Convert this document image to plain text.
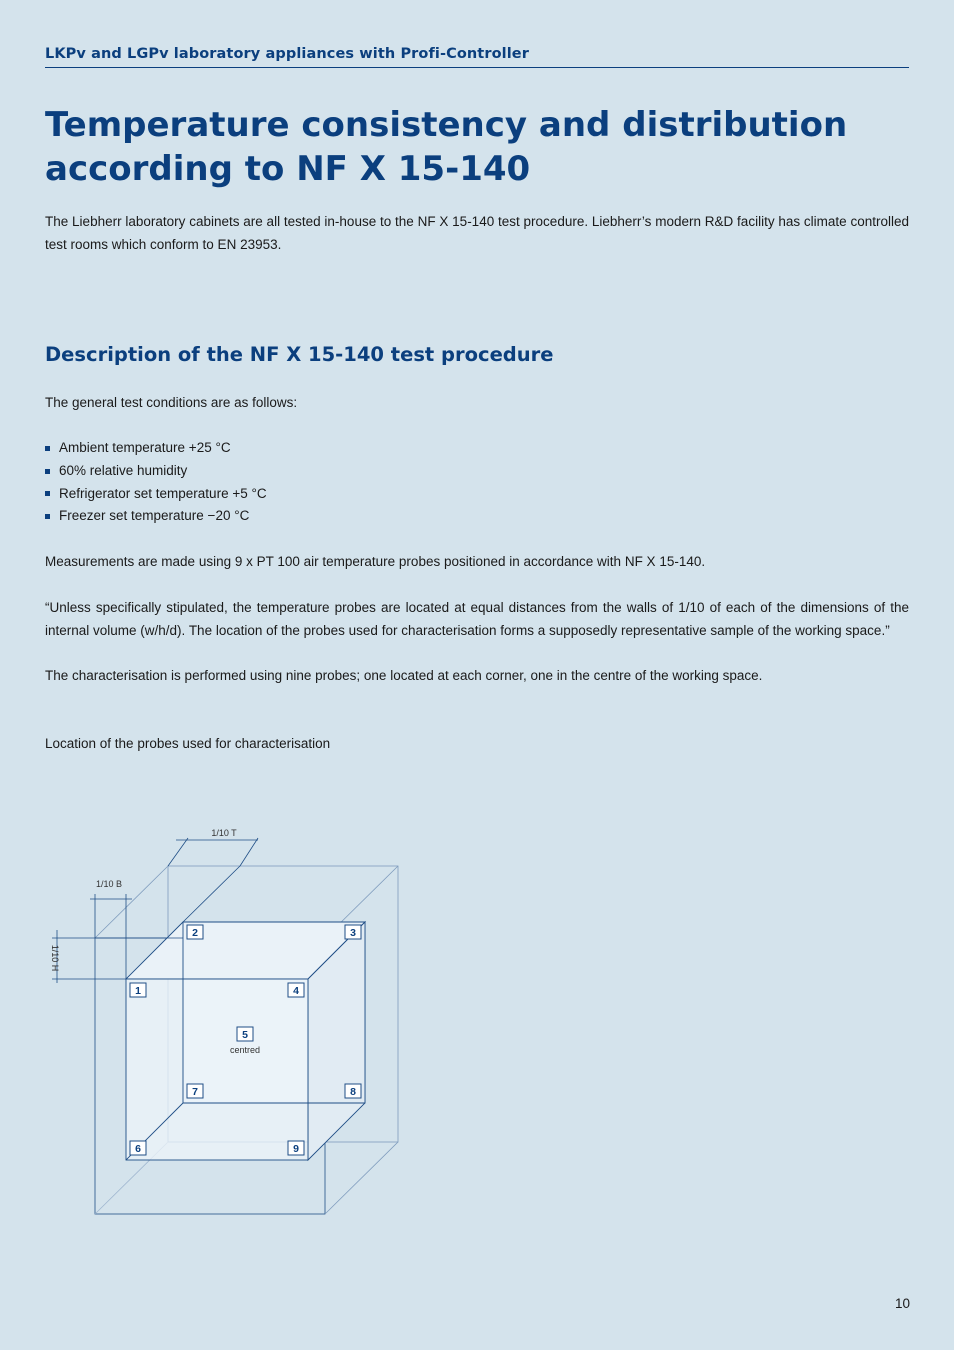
LKPv and LGPv laboratory appliances with Profi-Controller
Temperature consistency and distribution
according to NF X 15-140

The Liebherr laboratory cabinets are all tested in-house to the NF X 15-140 test procedure. Liebherr’s modern R&D facility has climate controlled test rooms which conform to EN 23953.

Description of the NF X 15-140 test procedure

The general test conditions are as follows:

Ambient temperature +25 °C
60% relative humidity
Refrigerator set temperature +5 °C
Freezer set temperature −20 °C

Measurements are made using 9 x PT 100 air temperature probes positioned in accordance with NF X 15-140.

“Unless specifically stipulated, the temperature probes are located at equal distances from the walls of 1/10 of each of the dimensions of the internal volume (w/h/d). The location of the probes used for characterisation forms a supposedly representative sample of the working space.”

The characterisation is performed using nine probes; one located at each corner, one in the centre of the working space.

Location of the probes used for characterisation

1/10 T
1/10 B
1/10 H
2	3
1	4
5
7	8
6	9
centred
10
